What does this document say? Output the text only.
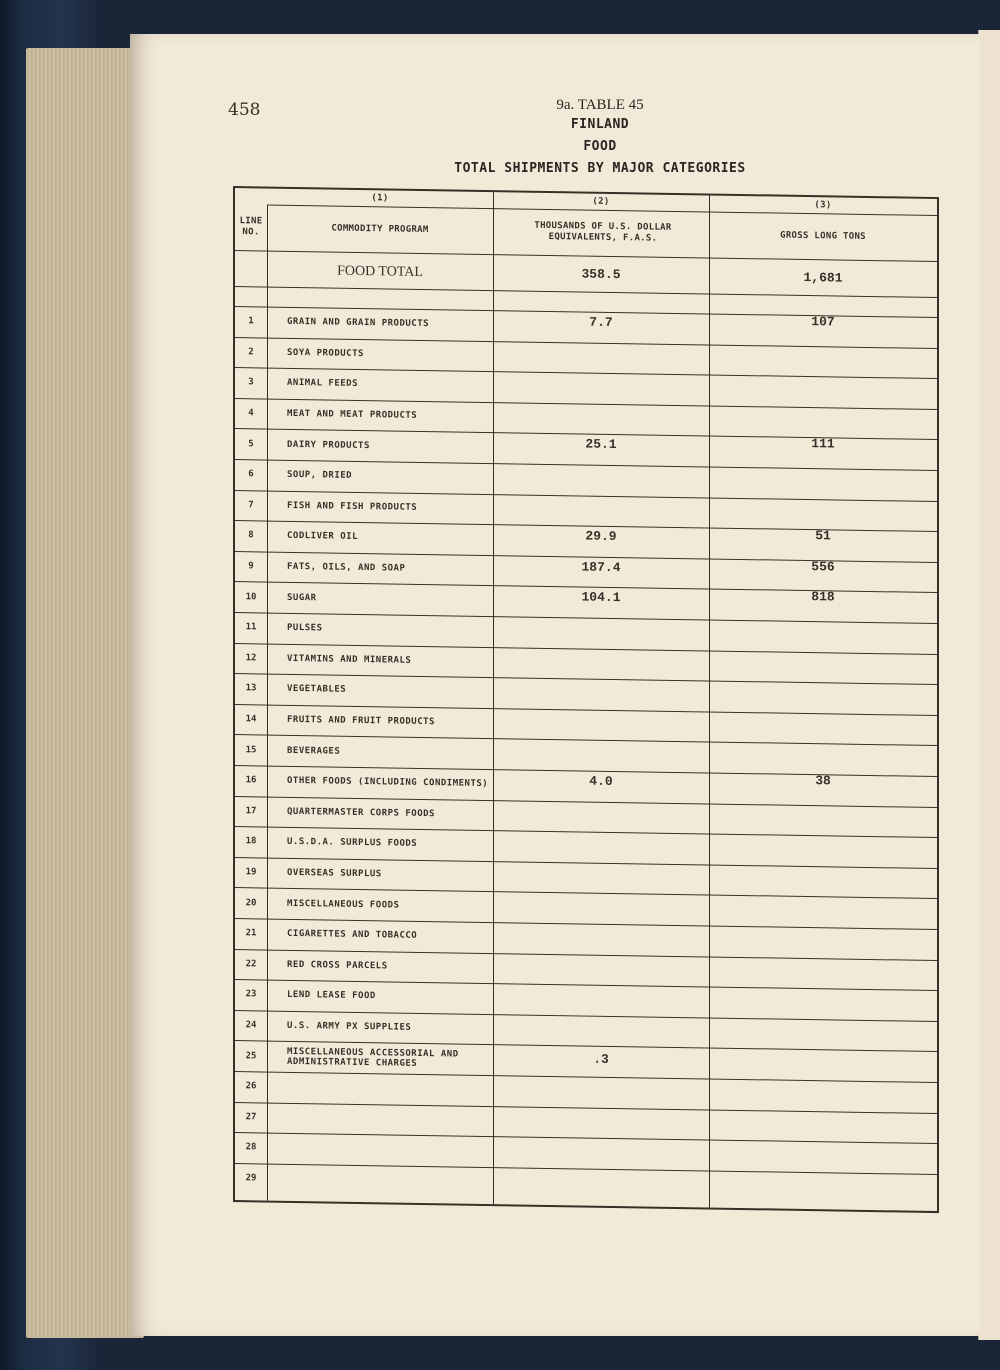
458	9a. TABLE 45
FINLAND
FOOD
TOTAL SHIPMENTS BY MAJOR CATEGORIES
(1)	(2)	(3)
LINE NO.	COMMODITY PROGRAM	THOUSANDS OF U.S. DOLLAR EQUIVALENTS, F.A.S.	GROSS LONG TONS
FOOD TOTAL	358.5	1,681
1	GRAIN AND GRAIN PRODUCTS	7.7	107
2	SOYA PRODUCTS
3	ANIMAL FEEDS
4	MEAT AND MEAT PRODUCTS
5	DAIRY PRODUCTS	25.1	111
6	SOUP, DRIED
7	FISH AND FISH PRODUCTS
8	CODLIVER OIL	29.9	51
9	FATS, OILS, AND SOAP	187.4	556
10	SUGAR	104.1	818
11	PULSES
12	VITAMINS AND MINERALS
13	VEGETABLES
14	FRUITS AND FRUIT PRODUCTS
15	BEVERAGES
16	OTHER FOODS (INCLUDING CONDIMENTS)	4.0	38
17	QUARTERMASTER CORPS FOODS
18	U.S.D.A. SURPLUS FOODS
19	OVERSEAS SURPLUS
20	MISCELLANEOUS FOODS
21	CIGARETTES AND TOBACCO
22	RED CROSS PARCELS
23	LEND LEASE FOOD
24	U.S. ARMY PX SUPPLIES
25	MISCELLANEOUS ACCESSORIAL AND ADMINISTRATIVE CHARGES	.3
26
27
28
29
